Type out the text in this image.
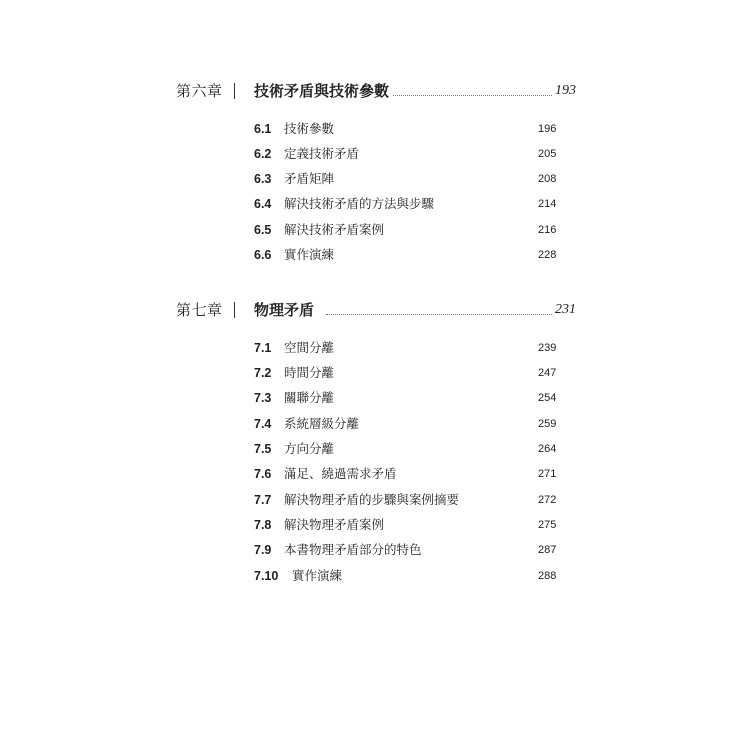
第六章 技術矛盾與技術參數	193
6.1 技術參數	196
6.2 定義技術矛盾	205
6.3 矛盾矩陣	208
6.4 解決技術矛盾的方法與步驟	214
6.5 解決技術矛盾案例	216
6.6 實作演練	228
第七章 物理矛盾	231
7.1 空間分離	239
7.2 時間分離	247
7.3 關聯分離	254
7.4 系統層級分離	259
7.5 方向分離	264
7.6 滿足、繞過需求矛盾	271
7.7 解決物理矛盾的步驟與案例摘要	272
7.8 解決物理矛盾案例	275
7.9 本書物理矛盾部分的特色	287
7.10 實作演練	288
